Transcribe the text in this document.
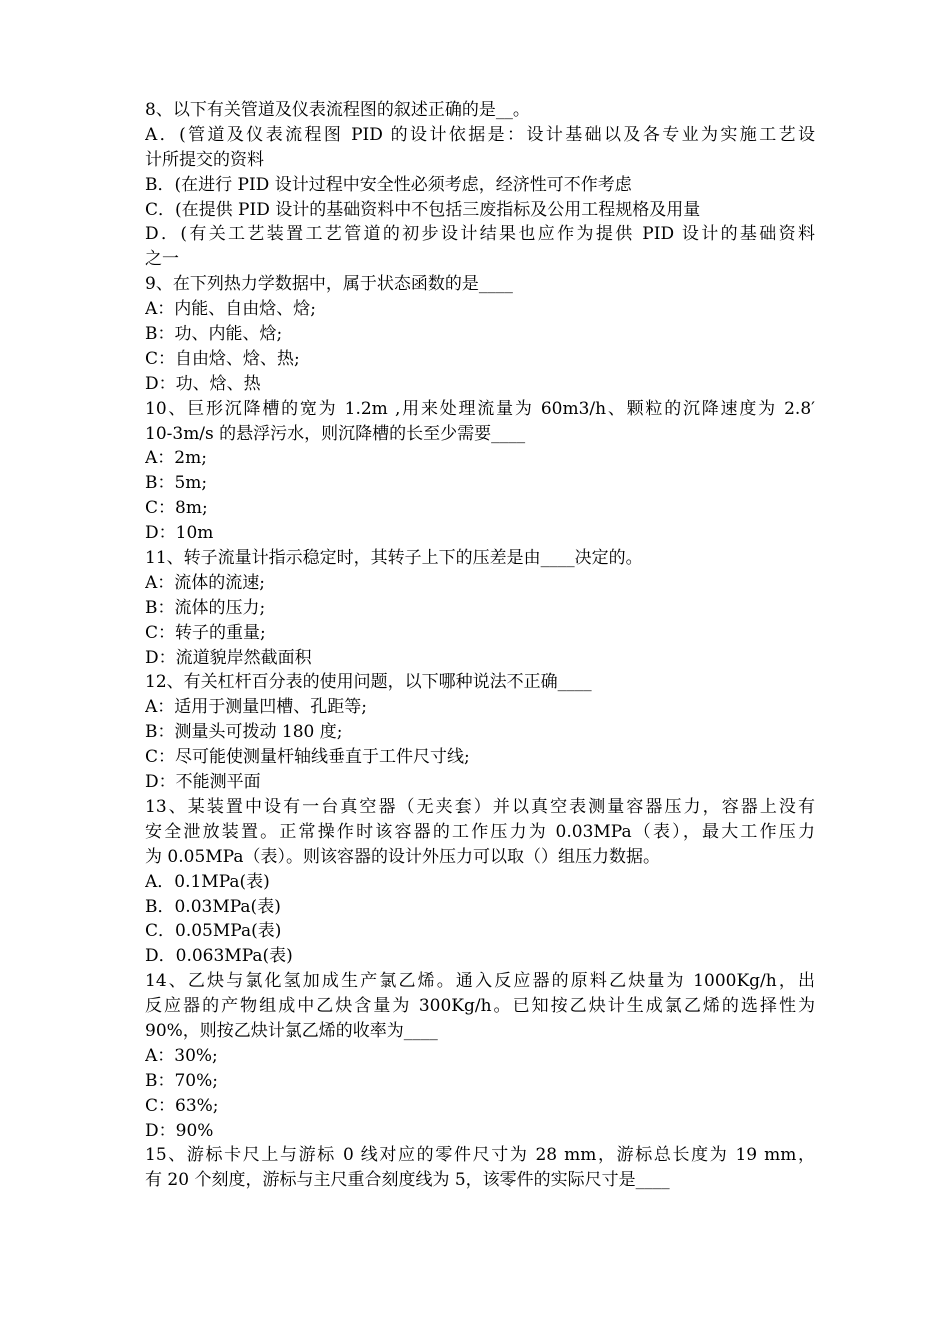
8、以下有关管道及仪表流程图的叙述正确的是__。
A．(管道及仪表流程图 PID 的设计依据是：设计基础以及各专业为实施工艺设
计所提交的资料
B．(在进行 PID 设计过程中安全性必须考虑，经济性可不作考虑
C．(在提供 PID 设计的基础资料中不包括三废指标及公用工程规格及用量
D．(有关工艺装置工艺管道的初步设计结果也应作为提供 PID 设计的基础资料
之一
9、在下列热力学数据中，属于状态函数的是____
A：内能、自由焓、焓;
B：功、内能、焓;
C：自由焓、焓、热;
D：功、焓、热
10、巨形沉降槽的宽为 1.2m ,用来处理流量为 60m3/h、颗粒的沉降速度为 2.8′
10-3m/s 的悬浮污水，则沉降槽的长至少需要____
A：2m;
B：5m;
C：8m;
D：10m
11、转子流量计指示稳定时，其转子上下的压差是由____决定的。
A：流体的流速;
B：流体的压力;
C：转子的重量;
D：流道貌岸然截面积
12、有关杠杆百分表的使用问题，以下哪种说法不正确____
A：适用于测量凹槽、孔距等;
B：测量头可拨动 180 度;
C：尽可能使测量杆轴线垂直于工件尺寸线;
D：不能测平面
13、某装置中设有一台真空器（无夹套）并以真空表测量容器压力，容器上没有
安全泄放装置。正常操作时该容器的工作压力为 0.03MPa（表），最大工作压力
为 0.05MPa（表）。则该容器的设计外压力可以取（）组压力数据。
A．0.1MPa(表)
B．0.03MPa(表)
C．0.05MPa(表)
D．0.063MPa(表)
14、乙炔与氯化氢加成生产氯乙烯。通入反应器的原料乙炔量为 1000Kg/h，出
反应器的产物组成中乙炔含量为 300Kg/h。已知按乙炔计生成氯乙烯的选择性为
90%，则按乙炔计氯乙烯的收率为____
A：30%;
B：70%;
C：63%;
D：90%
15、游标卡尺上与游标 0 线对应的零件尺寸为 28 mm，游标总长度为 19 mm，
有 20 个刻度，游标与主尺重合刻度线为 5，该零件的实际尺寸是____
